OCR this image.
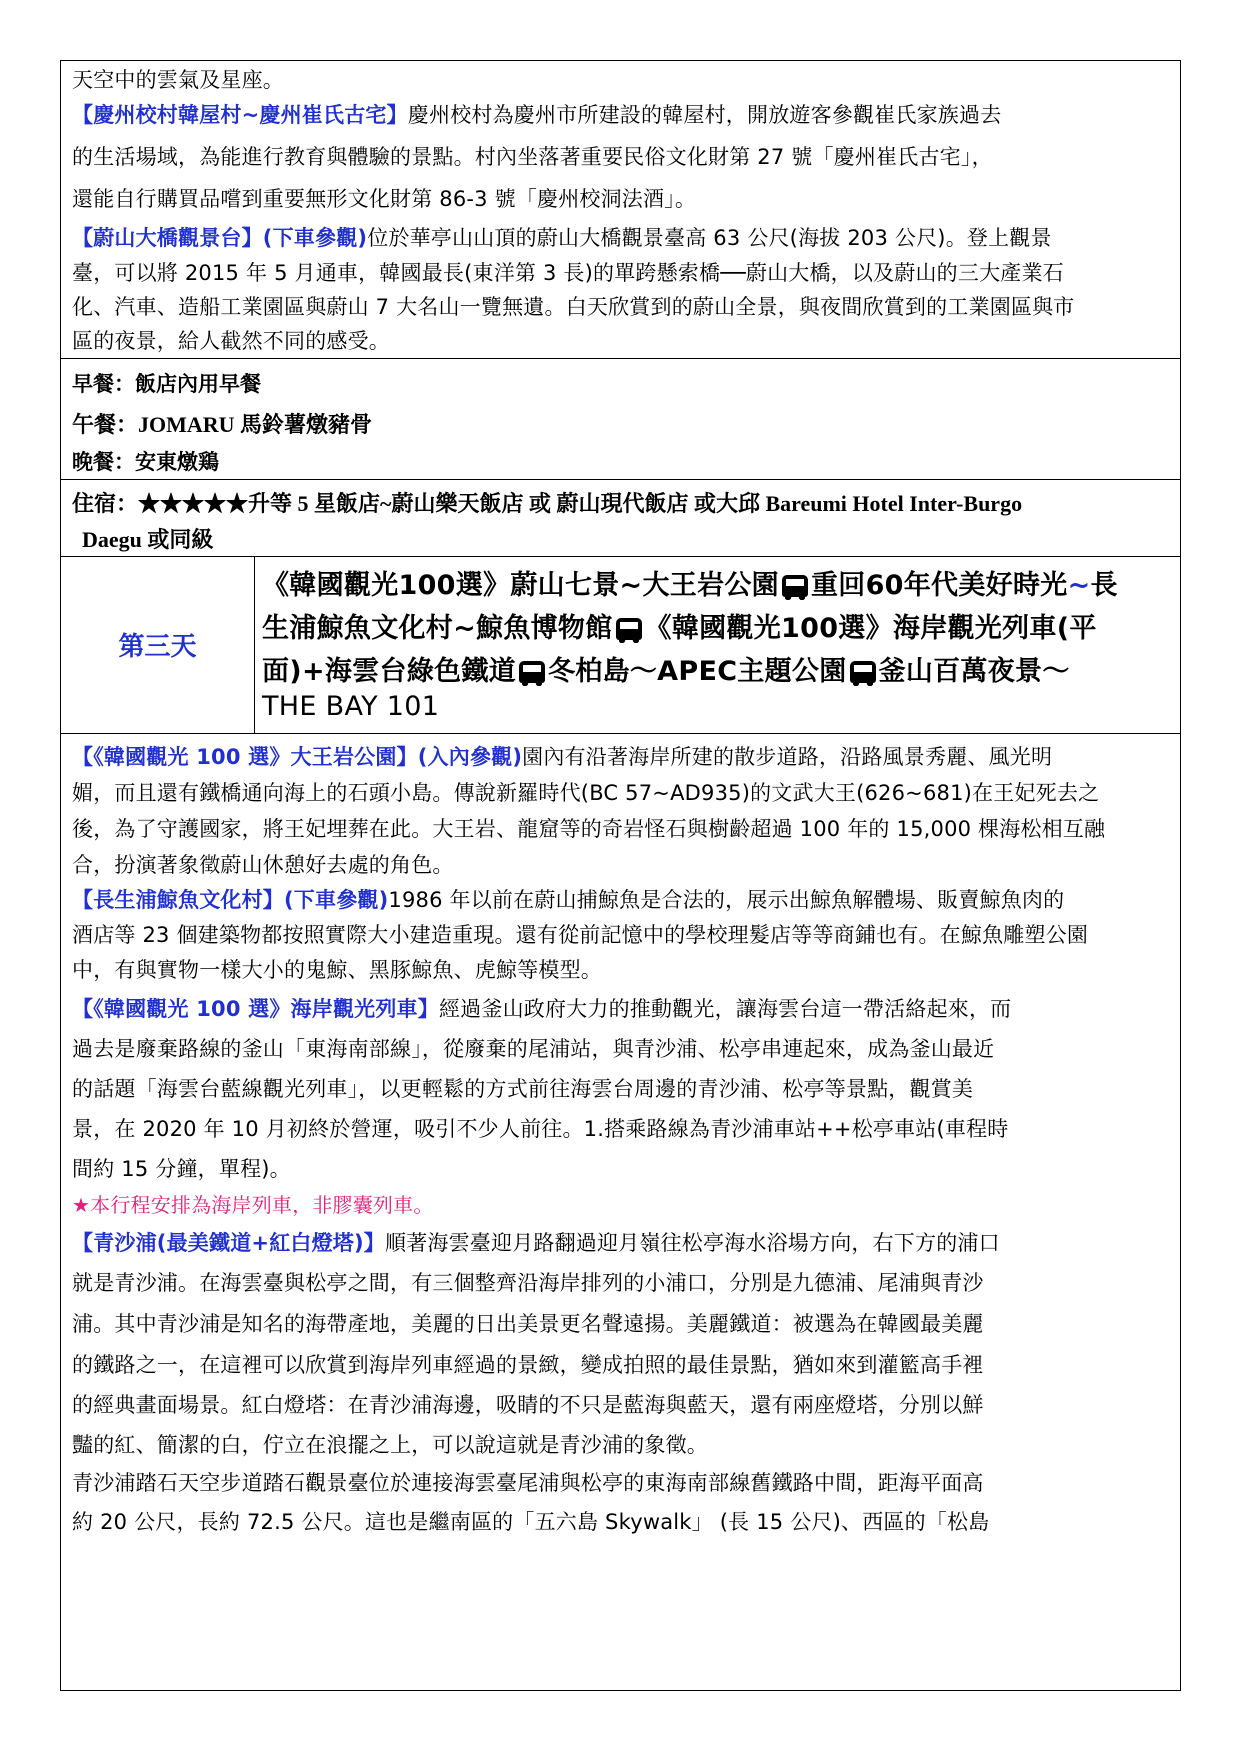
天空中的雲氣及星座。
【慶州校村韓屋村~慶州崔氏古宅】慶州校村為慶州市所建設的韓屋村，開放遊客參觀崔氏家族過去
的生活場域，為能進行教育與體驗的景點。村內坐落著重要民俗文化財第 27 號「慶州崔氏古宅」，
還能自行購買品嚐到重要無形文化財第 86-3 號「慶州校洞法酒」。
【蔚山大橋觀景台】(下車參觀)位於華亭山山頂的蔚山大橋觀景臺高 63 公尺(海拔 203 公尺)。登上觀景
臺，可以將 2015 年 5 月通車，韓國最長(東洋第 3 長)的單跨懸索橋──蔚山大橋，以及蔚山的三大產業石
化、汽車、造船工業園區與蔚山 7 大名山一覽無遺。白天欣賞到的蔚山全景，與夜間欣賞到的工業園區與市
區的夜景，給人截然不同的感受。
早餐：飯店內用早餐
午餐：JOMARU 馬鈴薯燉豬骨
晚餐：安東燉鶏
住宿：★★★★★升等 5 星飯店~蔚山樂天飯店 或 蔚山現代飯店 或大邱 Bareumi Hotel Inter-Burgo
Daegu 或同級
第三天
《韓國觀光100選》蔚山七景~大王岩公園 重回60年代美好時光~長
生浦鯨魚文化村~鯨魚博物館 《韓國觀光100選》海岸觀光列車(平
面)+海雲台綠色鐵道 冬柏島～APEC主題公園 釜山百萬夜景～
THE BAY 101
【《韓國觀光 100 選》大王岩公園】(入內參觀)園內有沿著海岸所建的散步道路，沿路風景秀麗、風光明
媚，而且還有鐵橋通向海上的石頭小島。傳說新羅時代(BC 57~AD935)的文武大王(626~681)在王妃死去之
後，為了守護國家，將王妃埋葬在此。大王岩、龍窟等的奇岩怪石與樹齡超過 100 年的 15,000 棵海松相互融
合，扮演著象徵蔚山休憩好去處的角色。
【長生浦鯨魚文化村】(下車參觀)1986 年以前在蔚山捕鯨魚是合法的，展示出鯨魚解體場、販賣鯨魚肉的
酒店等 23 個建築物都按照實際大小建造重現。還有從前記憶中的學校理髮店等等商鋪也有。在鯨魚雕塑公園
中，有與實物一樣大小的鬼鯨、黑豚鯨魚、虎鯨等模型。
【《韓國觀光 100 選》海岸觀光列車】經過釜山政府大力的推動觀光，讓海雲台這一帶活絡起來，而
過去是廢棄路線的釜山「東海南部線」，從廢棄的尾浦站，與青沙浦、松亭串連起來，成為釜山最近
的話題「海雲台藍線觀光列車」，以更輕鬆的方式前往海雲台周邊的青沙浦、松亭等景點，觀賞美
景，在 2020 年 10 月初終於營運，吸引不少人前往。1.搭乘路線為青沙浦車站++松亭車站(車程時
間約 15 分鐘，單程)。
★本行程安排為海岸列車，非膠囊列車。
【青沙浦(最美鐵道+紅白燈塔)】順著海雲臺迎月路翻過迎月嶺往松亭海水浴場方向，右下方的浦口
就是青沙浦。在海雲臺與松亭之間，有三個整齊沿海岸排列的小浦口，分別是九德浦、尾浦與青沙
浦。其中青沙浦是知名的海帶產地，美麗的日出美景更名聲遠揚。美麗鐵道：被選為在韓國最美麗
的鐵路之一，在這裡可以欣賞到海岸列車經過的景緻，變成拍照的最佳景點，猶如來到灌籃高手裡
的經典畫面場景。紅白燈塔：在青沙浦海邊，吸睛的不只是藍海與藍天，還有兩座燈塔，分別以鮮
豔的紅、簡潔的白，佇立在浪擺之上，可以說這就是青沙浦的象徵。
青沙浦踏石天空步道踏石觀景臺位於連接海雲臺尾浦與松亭的東海南部線舊鐵路中間，距海平面高
約 20 公尺，長約 72.5 公尺。這也是繼南區的「五六島 Skywalk」 (長 15 公尺)、西區的「松島
